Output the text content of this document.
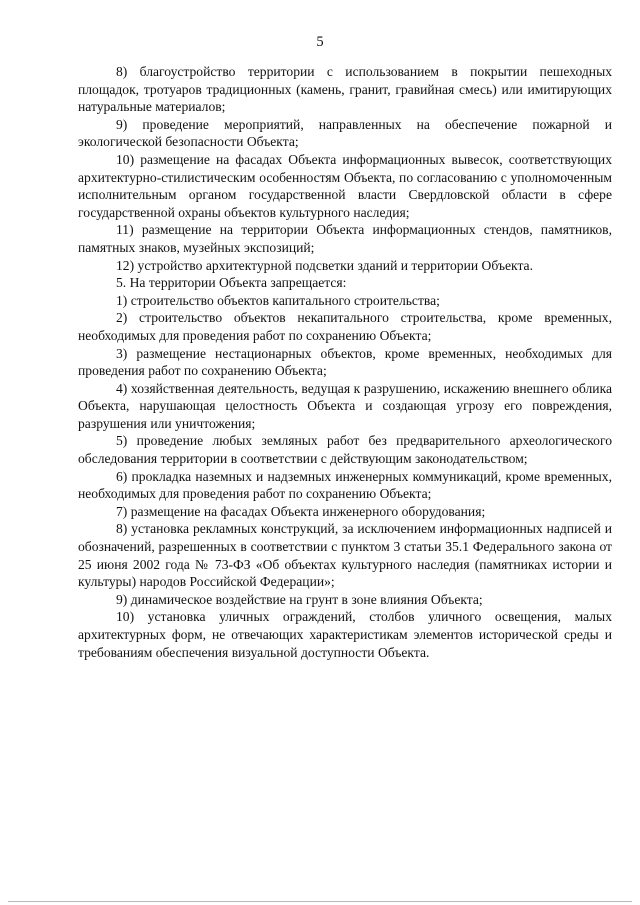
5

8) благоустройство территории с использованием в покрытии пешеходных площадок, тротуаров традиционных (камень, гранит, гравийная смесь) или имитирующих натуральные материалов;

9) проведение мероприятий, направленных на обеспечение пожарной и экологической безопасности Объекта;

10) размещение на фасадах Объекта информационных вывесок, соответствующих архитектурно-стилистическим особенностям Объекта, по согласованию с уполномоченным исполнительным органом государственной власти Свердловской области в сфере государственной охраны объектов культурного наследия;

11) размещение на территории Объекта информационных стендов, памятников, памятных знаков, музейных экспозиций;

12) устройство архитектурной подсветки зданий и территории Объекта.

5. На территории Объекта запрещается:

1) строительство объектов капитального строительства;

2) строительство объектов некапитального строительства, кроме временных, необходимых для проведения работ по сохранению Объекта;

3) размещение нестационарных объектов, кроме временных, необходимых для проведения работ по сохранению Объекта;

4) хозяйственная деятельность, ведущая к разрушению, искажению внешнего облика Объекта, нарушающая целостность Объекта и создающая угрозу его повреждения, разрушения или уничтожения;

5) проведение любых земляных работ без предварительного археологического обследования территории в соответствии с действующим законодательством;

6) прокладка наземных и надземных инженерных коммуникаций, кроме временных, необходимых для проведения работ по сохранению Объекта;

7) размещение на фасадах Объекта инженерного оборудования;

8) установка рекламных конструкций, за исключением информационных надписей и обозначений, разрешенных в соответствии с пунктом 3 статьи 35.1 Федерального закона от 25 июня 2002 года № 73-ФЗ «Об объектах культурного наследия (памятниках истории и культуры) народов Российской Федерации»;

9) динамическое воздействие на грунт в зоне влияния Объекта;

10) установка уличных ограждений, столбов уличного освещения, малых архитектурных форм, не отвечающих характеристикам элементов исторической среды и требованиям обеспечения визуальной доступности Объекта.
